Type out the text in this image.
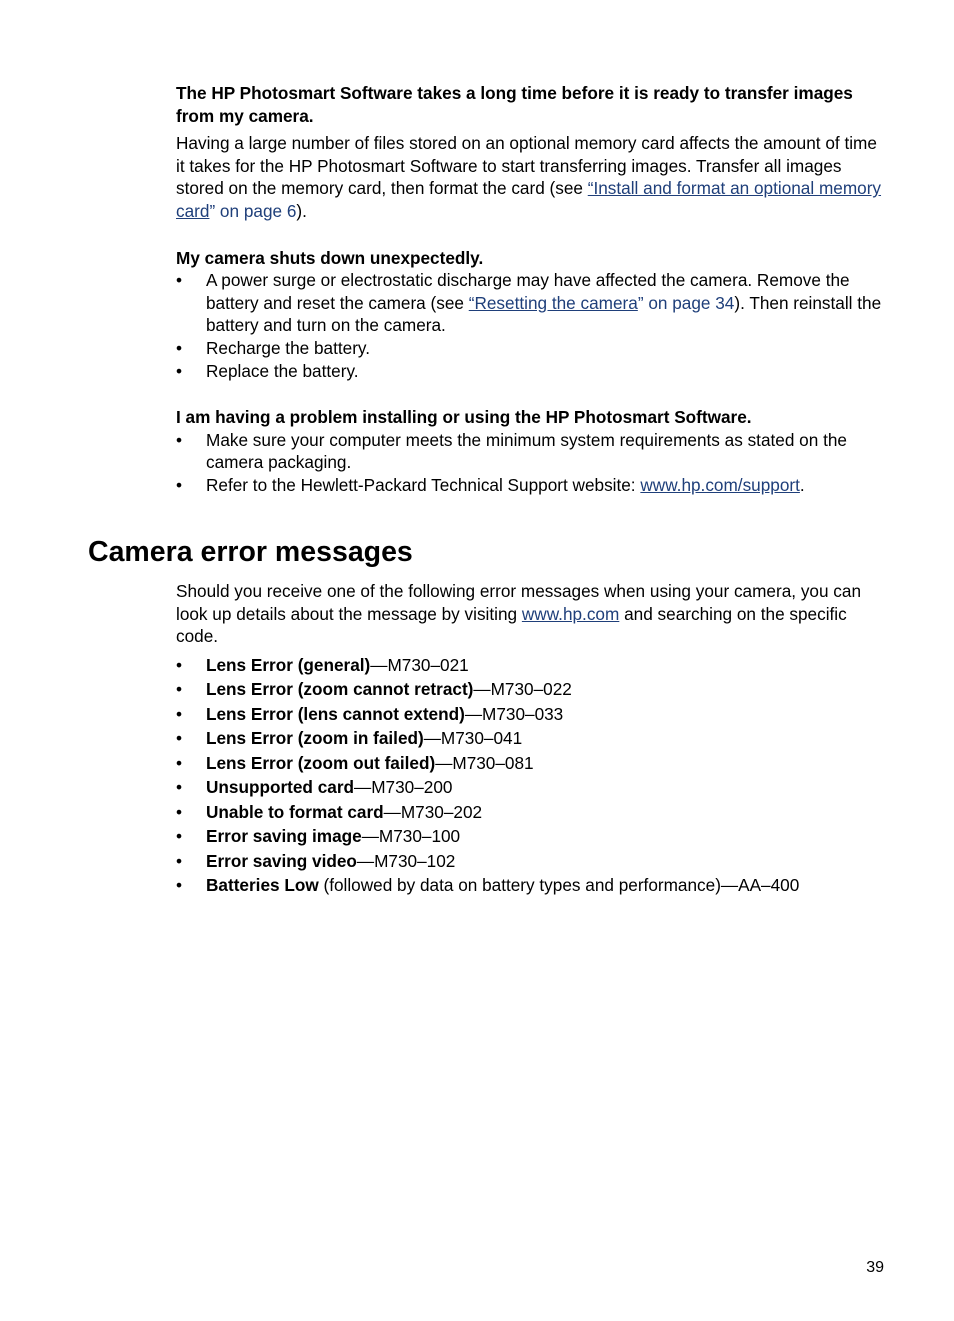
The HP Photosmart Software takes a long time before it is ready to transfer images from my camera.

Having a large number of files stored on an optional memory card affects the amount of time it takes for the HP Photosmart Software to start transferring images. Transfer all images stored on the memory card, then format the card (see “Install and format an optional memory card” on page 6).

My camera shuts down unexpectedly.

• A power surge or electrostatic discharge may have affected the camera. Remove the battery and reset the camera (see “Resetting the camera” on page 34). Then reinstall the battery and turn on the camera.
• Recharge the battery.
• Replace the battery.

I am having a problem installing or using the HP Photosmart Software.

• Make sure your computer meets the minimum system requirements as stated on the camera packaging.
• Refer to the Hewlett-Packard Technical Support website: www.hp.com/support.
Camera error messages

Should you receive one of the following error messages when using your camera, you can look up details about the message by visiting www.hp.com and searching on the specific code.

• Lens Error (general)—M730–021
• Lens Error (zoom cannot retract)—M730–022
• Lens Error (lens cannot extend)—M730–033
• Lens Error (zoom in failed)—M730–041
• Lens Error (zoom out failed)—M730–081
• Unsupported card—M730–200
• Unable to format card—M730–202
• Error saving image—M730–100
• Error saving video—M730–102
• Batteries Low (followed by data on battery types and performance)—AA–400
39
